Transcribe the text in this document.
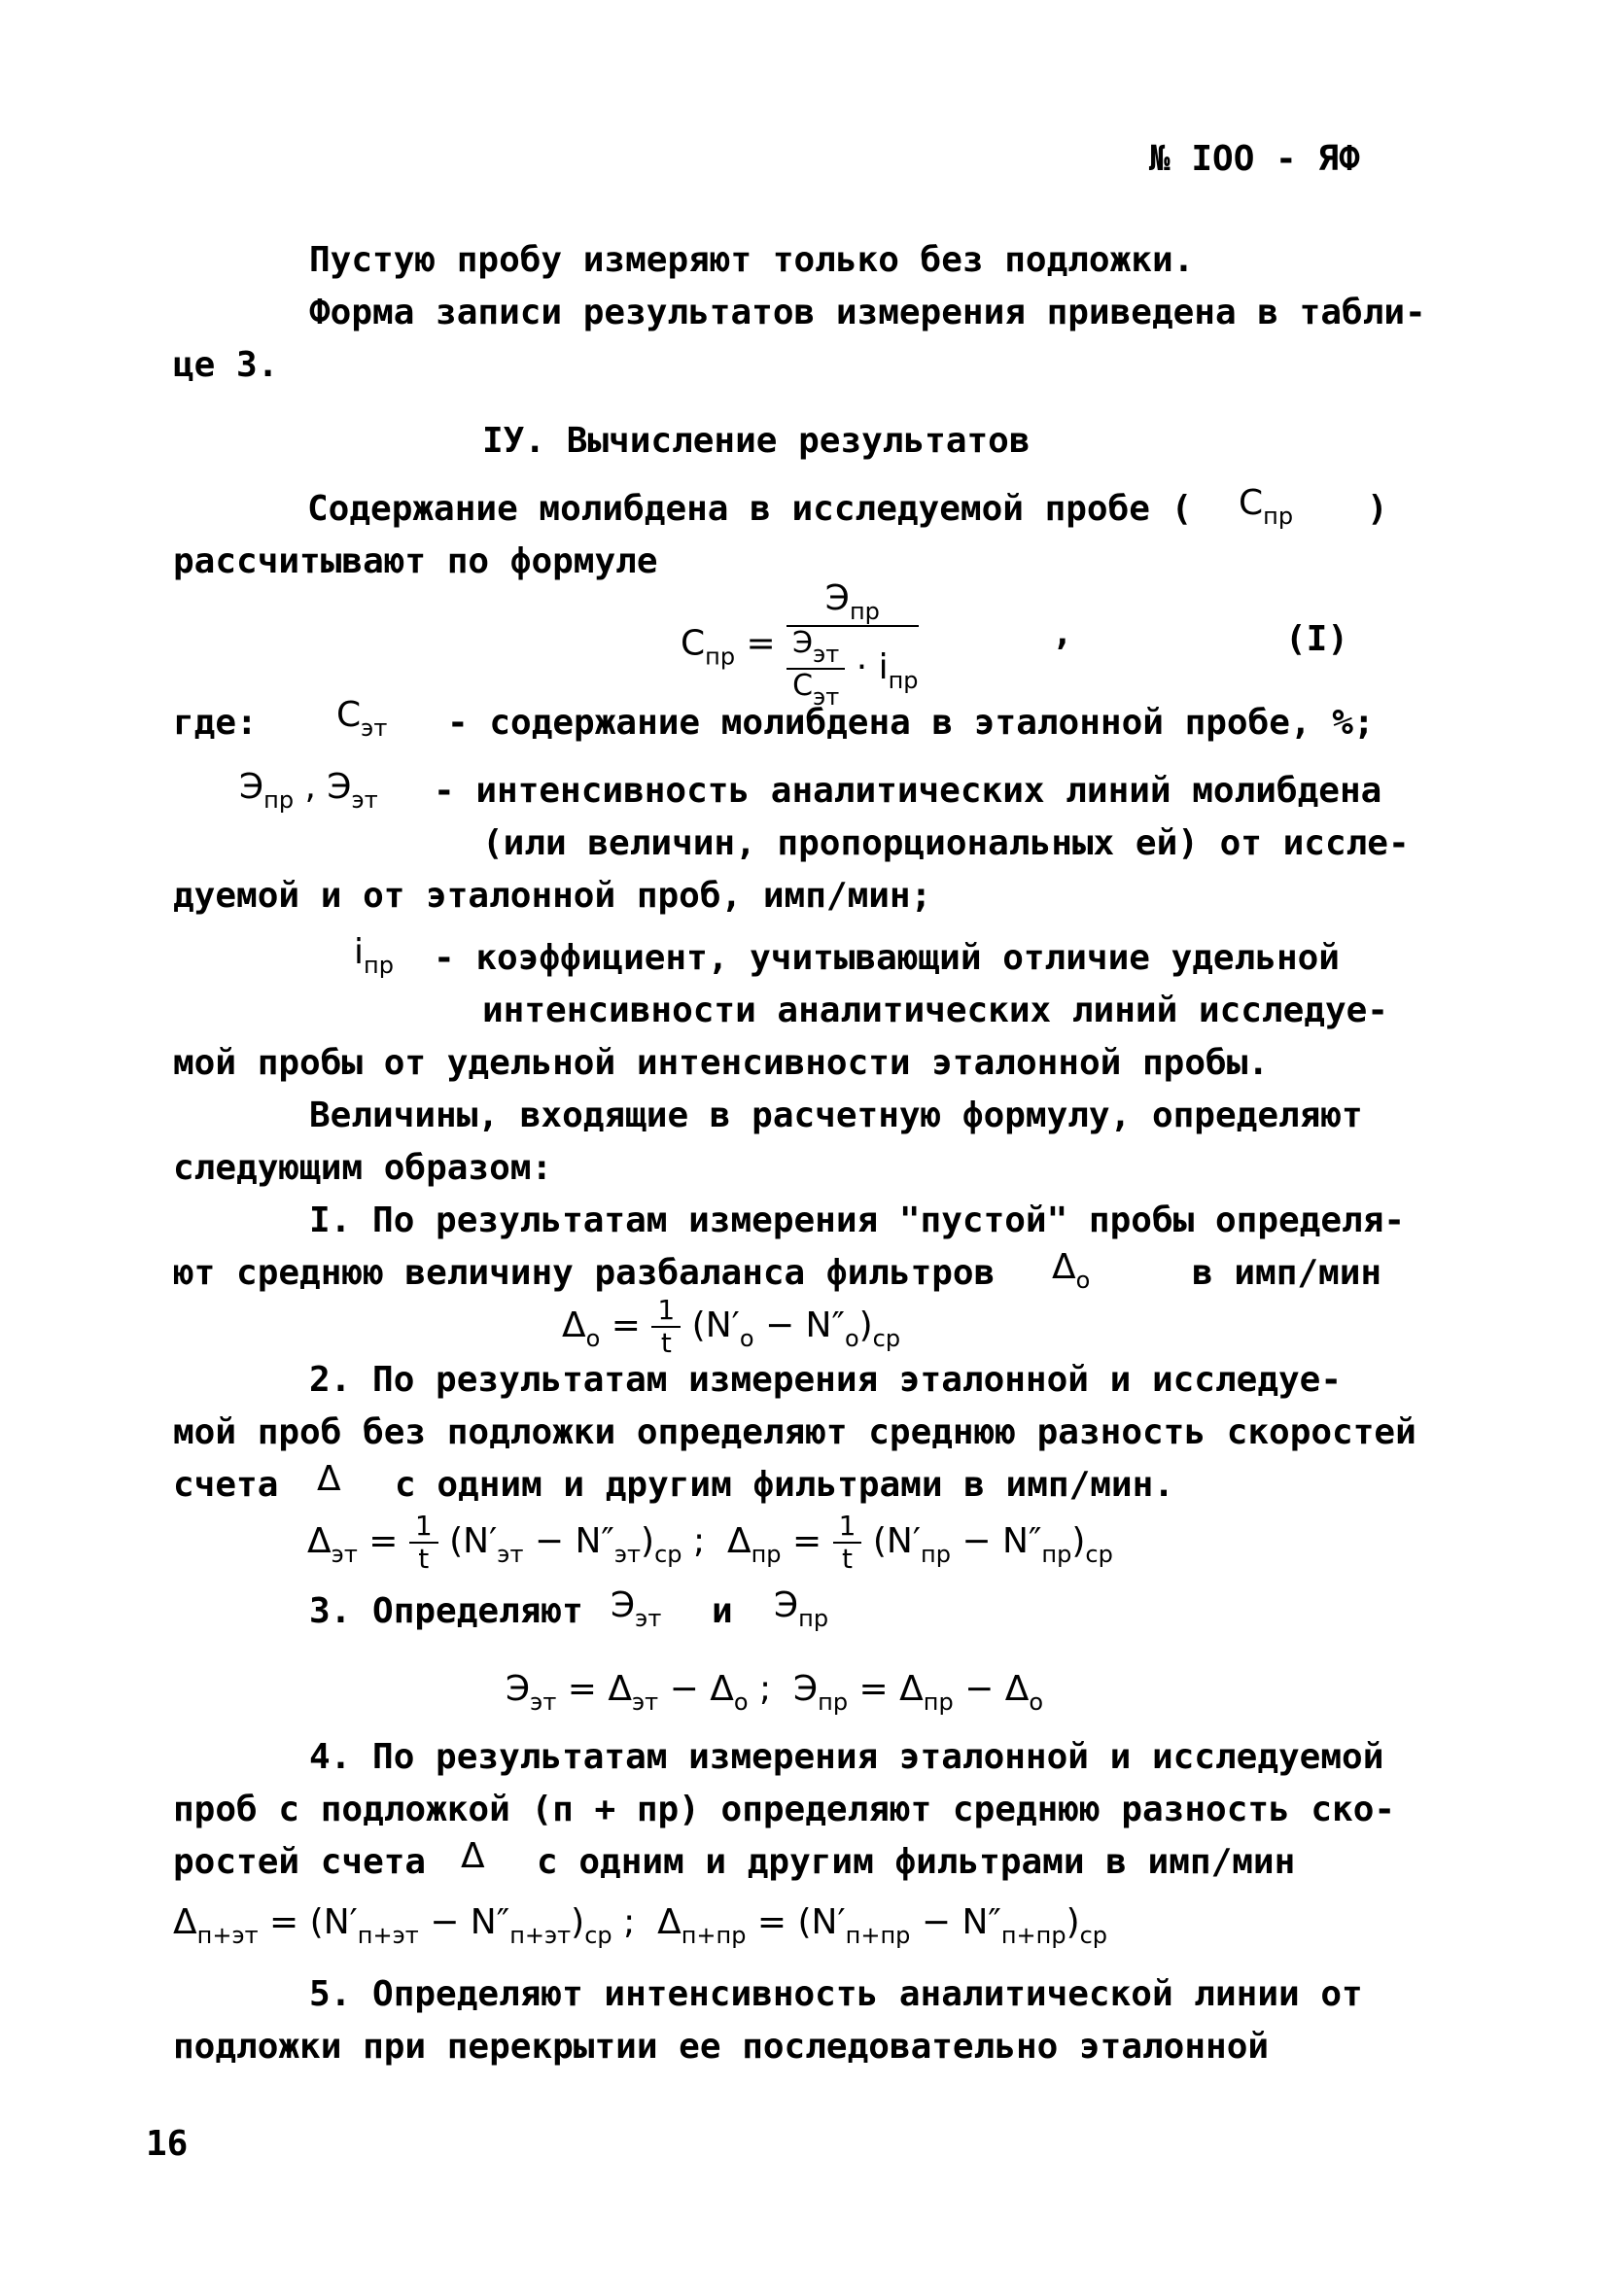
№ IOO - ЯФ
Пустую пробу измеряют только без подложки.
Форма записи результатов измерения приведена в табли-
це 3.
IУ. Вычисление результатов
Содержание молибдена в исследуемой пробе ( $C_{пр}$ )
рассчитывают по формуле
$C_{пр} = \frac{Э_{пр}}{\frac{Э_{эт}}{C_{эт}} \cdot i_{пр}}$	,	(I)
где: $C_{эт}$ - содержание молибдена в эталонной пробе, %;
$Э_{пр}$ , $Э_{эт}$ - интенсивность аналитических линий молибдена
(или величин, пропорциональных ей) от иссле-
дуемой и от эталонной проб, имп/мин;
$i_{пр}$ - коэффициент, учитывающий отличие удельной
интенсивности аналитических линий исследуе-
мой пробы от удельной интенсивности эталонной пробы.
Величины, входящие в расчетную формулу, определяют
следующим образом:
I. По результатам измерения "пустой" пробы определя-
ют среднюю величину разбаланса фильтров $\Delta_о$	в имп/мин
$\Delta_о = \frac{1}{t} (N'_о - N''_о)_{ср}$
2. По результатам измерения эталонной и исследуе-
мой проб без подложки определяют среднюю разность скоростей
счета Δ с одним и другим фильтрами в имп/мин.
$\Delta_{эт} = \frac{1}{t} (N'_{эт} - N''_{эт})_{ср}$ ;  $\Delta_{пр} = \frac{1}{t} (N'_{пр} - N''_{пр})_{ср}$
3. Определяют $Э_{эт}$ и $Э_{пр}$
$Э_{эт} = \Delta_{эт} - \Delta_о$ ;  $Э_{пр} = \Delta_{пр} - \Delta_о$
4. По результатам измерения эталонной и исследуемой
проб с подложкой (п + пр) определяют среднюю разность ско-
ростей счета Δ с одним и другим фильтрами в имп/мин
$\Delta_{п+эт} = (N'_{п+эт} - N''_{п+эт})_{ср}$ ;  $\Delta_{п+пр} = (N'_{п+пр} - N''_{п+пр})_{ср}$
5. Определяют интенсивность аналитической линии от
подложки при перекрытии ее последовательно эталонной
16
